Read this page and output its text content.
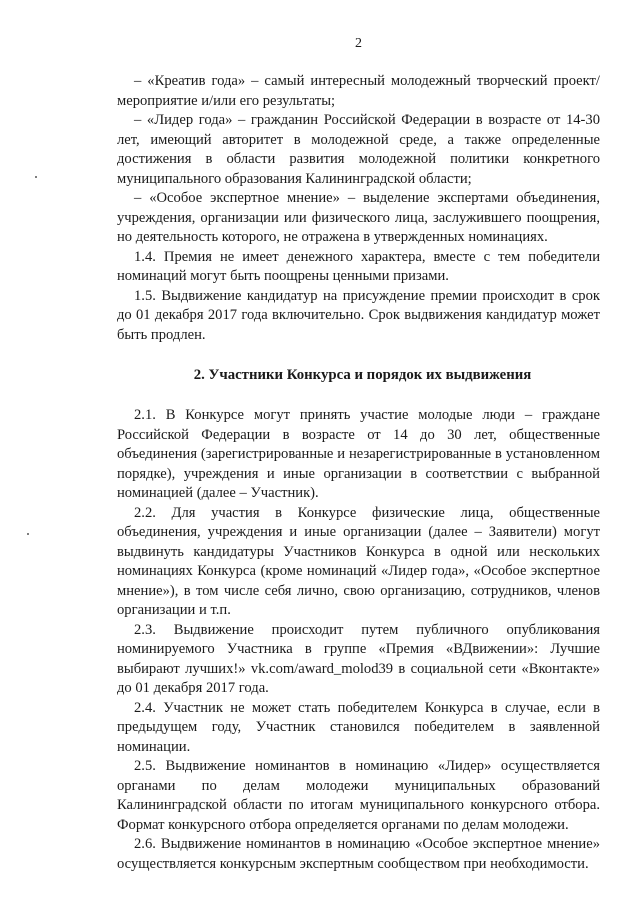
2

– «Креатив года» – самый интересный молодежный творческий проект/мероприятие и/или его результаты;

– «Лидер года» – гражданин Российской Федерации в возрасте от 14-30 лет, имеющий авторитет в молодежной среде, а также определенные достижения в области развития молодежной политики конкретного муниципального образования Калининградской области;

– «Особое экспертное мнение» – выделение экспертами объединения, учреждения, организации или физического лица, заслужившего поощрения, но деятельность которого, не отражена в утвержденных номинациях.

1.4. Премия не имеет денежного характера, вместе с тем победители номинаций могут быть поощрены ценными призами.

1.5. Выдвижение кандидатур на присуждение премии происходит в срок до 01 декабря 2017 года включительно. Срок выдвижения кандидатур может быть продлен.

2. Участники Конкурса и порядок их выдвижения

2.1. В Конкурсе могут принять участие молодые люди – граждане Российской Федерации в возрасте от 14 до 30 лет, общественные объединения (зарегистрированные и незарегистрированные в установленном порядке), учреждения и иные организации в соответствии с выбранной номинацией (далее – Участник).

2.2. Для участия в Конкурсе физические лица, общественные объединения, учреждения и иные организации (далее – Заявители) могут выдвинуть кандидатуры Участников Конкурса в одной или нескольких номинациях Конкурса (кроме номинаций «Лидер года», «Особое экспертное мнение»), в том числе себя лично, свою организацию, сотрудников, членов организации и т.п.

2.3. Выдвижение происходит путем публичного опубликования номинируемого Участника в группе «Премия «ВДвижении»: Лучшие выбирают лучших!» vk.com/award_molod39 в социальной сети «Вконтакте» до 01 декабря 2017 года.

2.4. Участник не может стать победителем Конкурса в случае, если в предыдущем году, Участник становился победителем в заявленной номинации.

2.5. Выдвижение номинантов в номинацию «Лидер» осуществляется органами по делам молодежи муниципальных образований Калининградской области по итогам муниципального конкурсного отбора. Формат конкурсного отбора определяется органами по делам молодежи.

2.6. Выдвижение номинантов в номинацию «Особое экспертное мнение» осуществляется конкурсным экспертным сообществом при необходимости.
